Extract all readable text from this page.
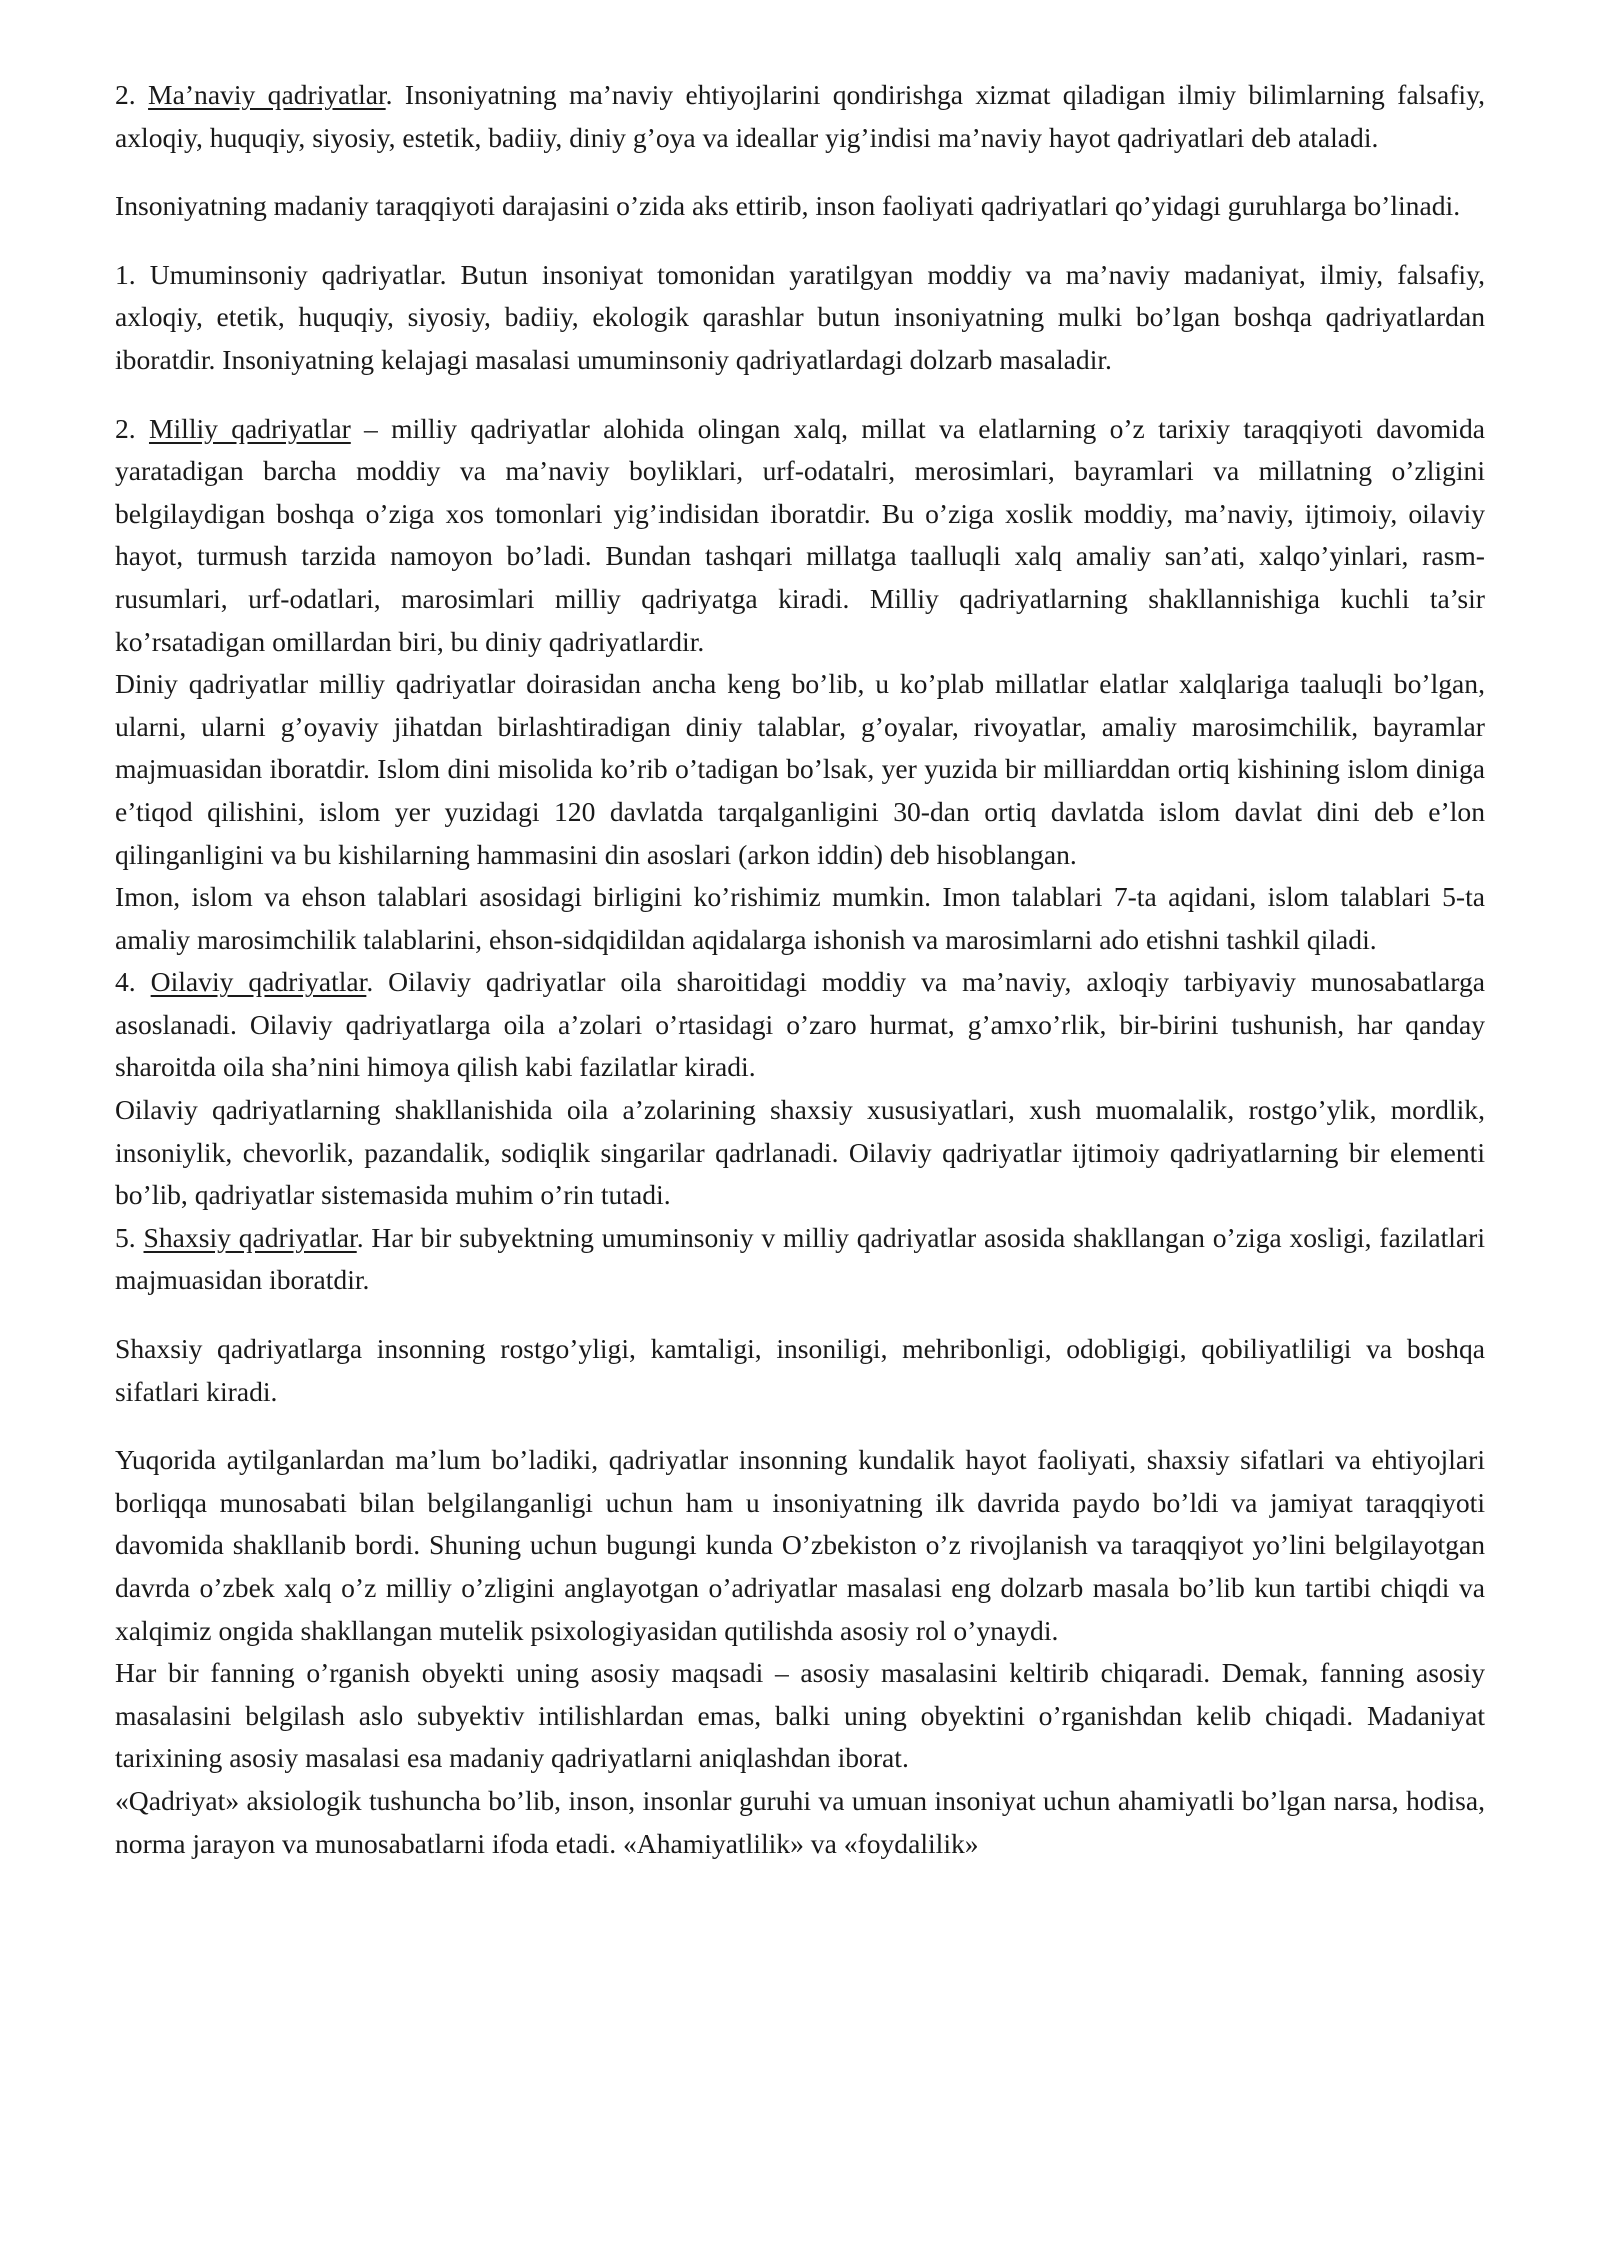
2. Ma’naviy qadriyatlar. Insoniyatning ma’naviy ehtiyojlarini qondirishga xizmat qiladigan ilmiy bilimlarning falsafiy, axloqiy, huquqiy, siyosiy, estetik, badiiy, diniy g’oya va ideallar yig’indisi ma’naviy hayot qadriyatlari deb ataladi.

Insoniyatning madaniy taraqqiyoti darajasini o’zida aks ettirib, inson faoliyati qadriyatlari qo’yidagi guruhlarga bo’linadi.

1. Umuminsoniy qadriyatlar. Butun insoniyat tomonidan yaratilgyan moddiy va ma’naviy madaniyat, ilmiy, falsafiy, axloqiy, etetik, huquqiy, siyosiy, badiiy, ekologik qarashlar butun insoniyatning mulki bo’lgan boshqa qadriyatlardan iboratdir. Insoniyatning kelajagi masalasi umuminsoniy qadriyatlardagi dolzarb masaladir.

2. Milliy qadriyatlar – milliy qadriyatlar alohida olingan xalq, millat va elatlarning o’z tarixiy taraqqiyoti davomida yaratadigan barcha moddiy va ma’naviy boyliklari, urf-odatalri, merosimlari, bayramlari va millatning o’zligini belgilaydigan boshqa o’ziga xos tomonlari yig’indisidan iboratdir. Bu o’ziga xoslik moddiy, ma’naviy, ijtimoiy, oilaviy hayot, turmush tarzida namoyon bo’ladi. Bundan tashqari millatga taalluqli xalq amaliy san’ati, xalqo’yinlari, rasm-rusumlari, urf-odatlari, marosimlari milliy qadriyatga kiradi. Milliy qadriyatlarning shakllannishiga kuchli ta’sir ko’rsatadigan omillardan biri, bu diniy qadriyatlardir.

Diniy qadriyatlar milliy qadriyatlar doirasidan ancha keng bo’lib, u ko’plab millatlar elatlar xalqlariga taaluqli bo’lgan, ularni, ularni g’oyaviy jihatdan birlashtiradigan diniy talablar, g’oyalar, rivoyatlar, amaliy marosimchilik, bayramlar majmuasidan iboratdir. Islom dini misolida ko’rib o’tadigan bo’lsak, yer yuzida bir milliarddan ortiq kishining islom diniga e’tiqod qilishini, islom yer yuzidagi 120 davlatda tarqalganligini 30-dan ortiq davlatda islom davlat dini deb e’lon qilinganligini va bu kishilarning hammasini din asoslari (arkon iddin) deb hisoblangan.

Imon, islom va ehson talablari asosidagi birligini ko’rishimiz mumkin. Imon talablari 7-ta aqidani, islom talablari 5-ta amaliy marosimchilik talablarini, ehson-sidqidildan aqidalarga ishonish va marosimlarni ado etishni tashkil qiladi.

4. Oilaviy qadriyatlar. Oilaviy qadriyatlar oila sharoitidagi moddiy va ma’naviy, axloqiy tarbiyaviy munosabatlarga asoslanadi. Oilaviy qadriyatlarga oila a’zolari o’rtasidagi o’zaro hurmat, g’amxo’rlik, bir-birini tushunish, har qanday sharoitda oila sha’nini himoya qilish kabi fazilatlar kiradi.

Oilaviy qadriyatlarning shakllanishida oila a’zolarining shaxsiy xususiyatlari, xush muomalalik, rostgo’ylik, mordlik, insoniylik, chevorlik, pazandalik, sodiqlik singarilar qadrlanadi. Oilaviy qadriyatlar ijtimoiy qadriyatlarning bir elementi bo’lib, qadriyatlar sistemasida muhim o’rin tutadi.

5. Shaxsiy qadriyatlar. Har bir subyektning umuminsoniy v milliy qadriyatlar asosida shakllangan o’ziga xosligi, fazilatlari majmuasidan iboratdir.

Shaxsiy qadriyatlarga insonning rostgo’yligi, kamtaligi, insoniligi, mehribonligi, odobligigi, qobiliyatliligi va boshqa sifatlari kiradi.

Yuqorida aytilganlardan ma’lum bo’ladiki, qadriyatlar insonning kundalik hayot faoliyati, shaxsiy sifatlari va ehtiyojlari borliqqa munosabati bilan belgilanganligi uchun ham u insoniyatning ilk davrida paydo bo’ldi va jamiyat taraqqiyoti davomida shakllanib bordi. Shuning uchun bugungi kunda O’zbekiston o’z rivojlanish va taraqqiyot yo’lini belgilayotgan davrda o’zbek xalq o’z milliy o’zligini anglayotgan o’adriyatlar masalasi eng dolzarb masala bo’lib kun tartibi chiqdi va xalqimiz ongida shakllangan mutelik psixologiyasidan qutilishda asosiy rol o’ynaydi.

Har bir fanning o’rganish obyekti uning asosiy maqsadi – asosiy masalasini keltirib chiqaradi. Demak, fanning asosiy masalasini belgilash aslo subyektiv intilishlardan emas, balki uning obyektini o’rganishdan kelib chiqadi. Madaniyat tarixining asosiy masalasi esa madaniy qadriyatlarni aniqlashdan iborat.

«Qadriyat» aksiologik tushuncha bo’lib, inson, insonlar guruhi va umuan insoniyat uchun ahamiyatli bo’lgan narsa, hodisa, norma jarayon va munosabatlarni ifoda etadi. «Ahamiyatlilik» va «foydalilik»
